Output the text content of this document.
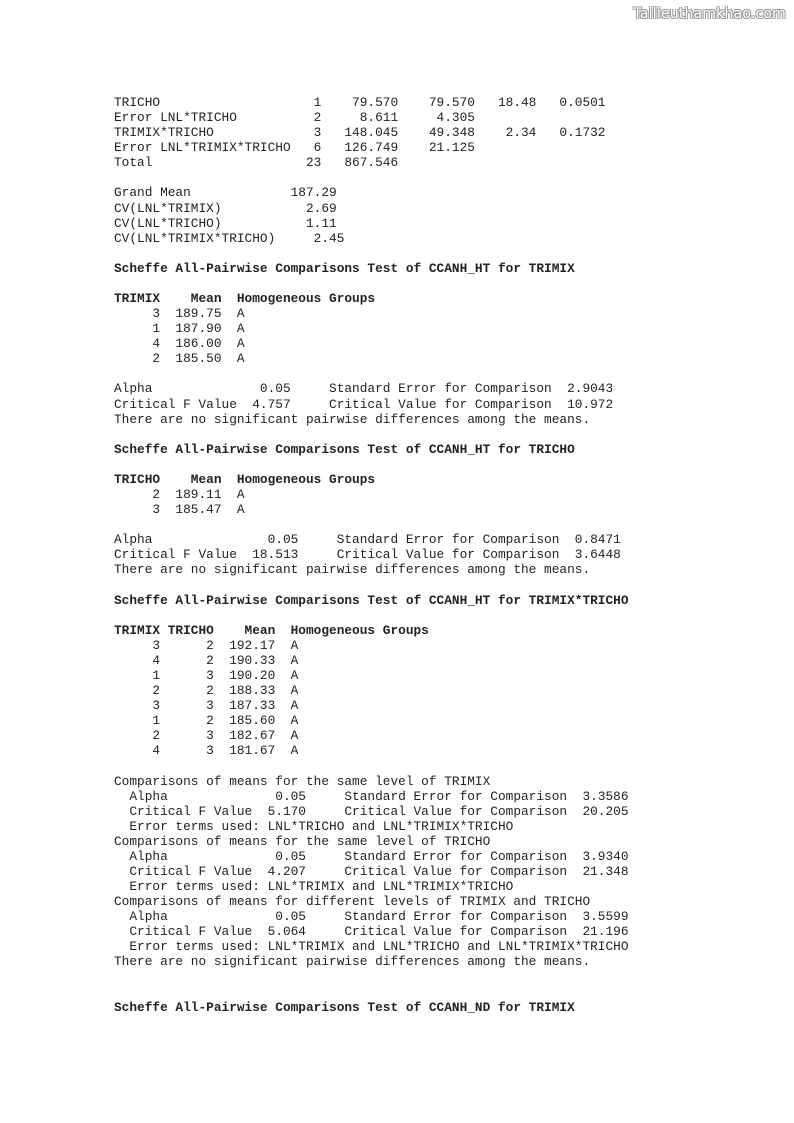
Tailieuthamkhao.com
TRICHO                    1    79.570    79.570   18.48   0.0501
Error LNL*TRICHO          2     8.611     4.305
TRIMIX*TRICHO             3   148.045    49.348    2.34   0.1732
Error LNL*TRIMIX*TRICHO   6   126.749    21.125
Total                    23   867.546
Grand Mean             187.29
CV(LNL*TRIMIX)           2.69
CV(LNL*TRICHO)           1.11
CV(LNL*TRIMIX*TRICHO)     2.45
Scheffe All-Pairwise Comparisons Test of CCANH_HT for TRIMIX
TRIMIX    Mean  Homogeneous Groups
3  189.75  A
1  187.90  A
4  186.00  A
2  185.50  A
Alpha              0.05     Standard Error for Comparison  2.9043
Critical F Value  4.757     Critical Value for Comparison  10.972
There are no significant pairwise differences among the means.
Scheffe All-Pairwise Comparisons Test of CCANH_HT for TRICHO
TRICHO    Mean  Homogeneous Groups
2  189.11  A
3  185.47  A
Alpha               0.05     Standard Error for Comparison  0.8471
Critical F Value  18.513     Critical Value for Comparison  3.6448
There are no significant pairwise differences among the means.
Scheffe All-Pairwise Comparisons Test of CCANH_HT for TRIMIX*TRICHO
TRIMIX TRICHO    Mean  Homogeneous Groups
3      2  192.17  A
4      2  190.33  A
1      3  190.20  A
2      2  188.33  A
3      3  187.33  A
1      2  185.60  A
2      3  182.67  A
4      3  181.67  A
Comparisons of means for the same level of TRIMIX
Alpha              0.05     Standard Error for Comparison  3.3586
Critical F Value  5.170     Critical Value for Comparison  20.205
Error terms used: LNL*TRICHO and LNL*TRIMIX*TRICHO
Comparisons of means for the same level of TRICHO
Alpha              0.05     Standard Error for Comparison  3.9340
Critical F Value  4.207     Critical Value for Comparison  21.348
Error terms used: LNL*TRIMIX and LNL*TRIMIX*TRICHO
Comparisons of means for different levels of TRIMIX and TRICHO
Alpha              0.05     Standard Error for Comparison  3.5599
Critical F Value  5.064     Critical Value for Comparison  21.196
Error terms used: LNL*TRIMIX and LNL*TRICHO and LNL*TRIMIX*TRICHO
There are no significant pairwise differences among the means.
Scheffe All-Pairwise Comparisons Test of CCANH_ND for TRIMIX
